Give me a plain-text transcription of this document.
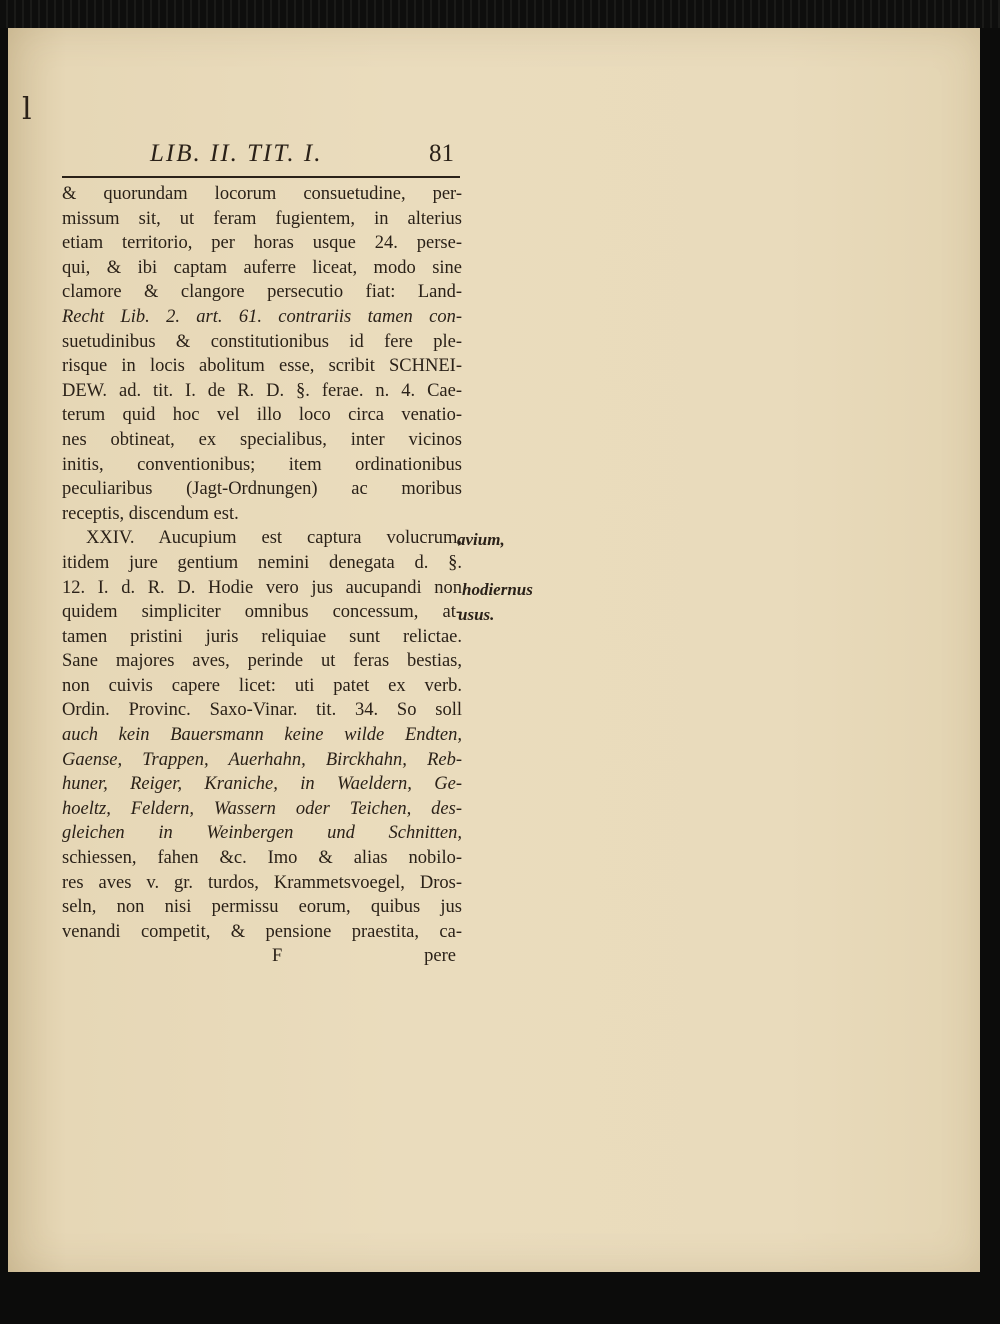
l
LIB. II. TIT. I.	81
& quorundam locorum consuetudine, per-
missum sit, ut feram fugientem, in alterius
etiam territorio, per horas usque 24. perse-
qui, & ibi captam auferre liceat, modo sine
clamore & clangore persecutio fiat: Land-
Recht Lib. 2. art. 61. contrariis tamen con-
suetudinibus & constitutionibus id fere ple-
risque in locis abolitum esse, scribit SCHNEI-
DEW. ad. tit. I. de R. D. §. ferae. n. 4. Cae-
terum quid hoc vel illo loco circa venatio-
nes obtineat, ex specialibus, inter vicinos
initis, conventionibus; item ordinationibus
peculiaribus (Jagt-Ordnungen) ac moribus
receptis, discendum est.
XXIV. Aucupium est captura volucrum,
itidem jure gentium nemini denegata d. §.
12. I. d. R. D. Hodie vero jus aucupandi non
quidem simpliciter omnibus concessum, at-
tamen pristini juris reliquiae sunt relictae.
Sane majores aves, perinde ut feras bestias,
non cuivis capere licet: uti patet ex verb.
Ordin. Provinc. Saxo-Vinar. tit. 34. So soll
auch kein Bauersmann keine wilde Endten,
Gaense, Trappen, Auerhahn, Birckhahn, Reb-
huner, Reiger, Kraniche, in Waeldern, Ge-
hoeltz, Feldern, Wassern oder Teichen, des-
gleichen in Weinbergen und Schnitten,
schiessen, fahen &c. Imo & alias nobilo-
res aves v. gr. turdos, Krammetsvoegel, Dros-
seln, non nisi permissu eorum, quibus jus
venandi competit, & pensione praestita, ca-
F	pere
avium,
hodiernus
usus.
